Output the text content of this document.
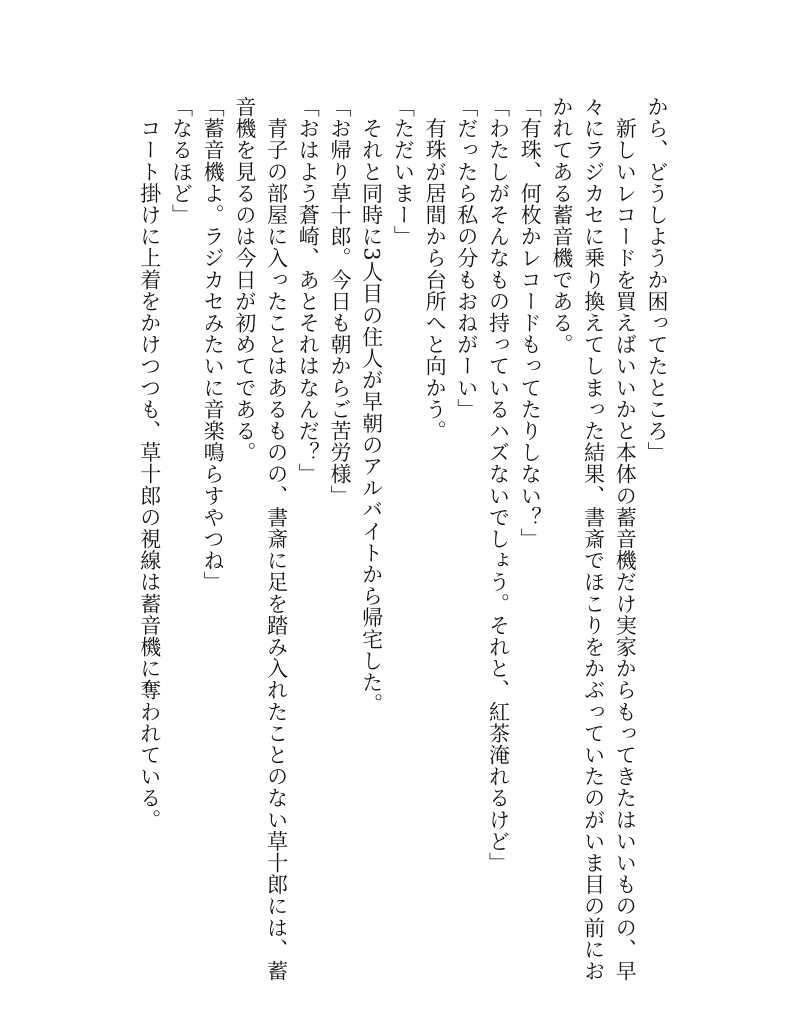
から、どうしようか困ってたところ」
　新しいレコードを買えばいいかと本体の蓄音機だけ実家からもってきたはいいものの、早
々にラジカセに乗り換えてしまった結果、書斎でほこりをかぶっていたのがいま目の前にお
かれてある蓄音機である。
「有珠、何枚かレコードもってたりしない？」
「わたしがそんなもの持っているハズないでしょう。それと、紅茶淹れるけど」
「だったら私の分もおねがーい」
　有珠が居間から台所へと向かう。
「ただいまー」
　それと同時に3人目の住人が早朝のアルバイトから帰宅した。
「お帰り草十郎。今日も朝からご苦労様」
「おはよう蒼崎、あとそれはなんだ？」
　青子の部屋に入ったことはあるものの、書斎に足を踏み入れたことのない草十郎には、蓄
音機を見るのは今日が初めてである。
「蓄音機よ。ラジカセみたいに音楽鳴らすやつね」
「なるほど」
　コート掛けに上着をかけつつも、草十郎の視線は蓄音機に奪われている。
